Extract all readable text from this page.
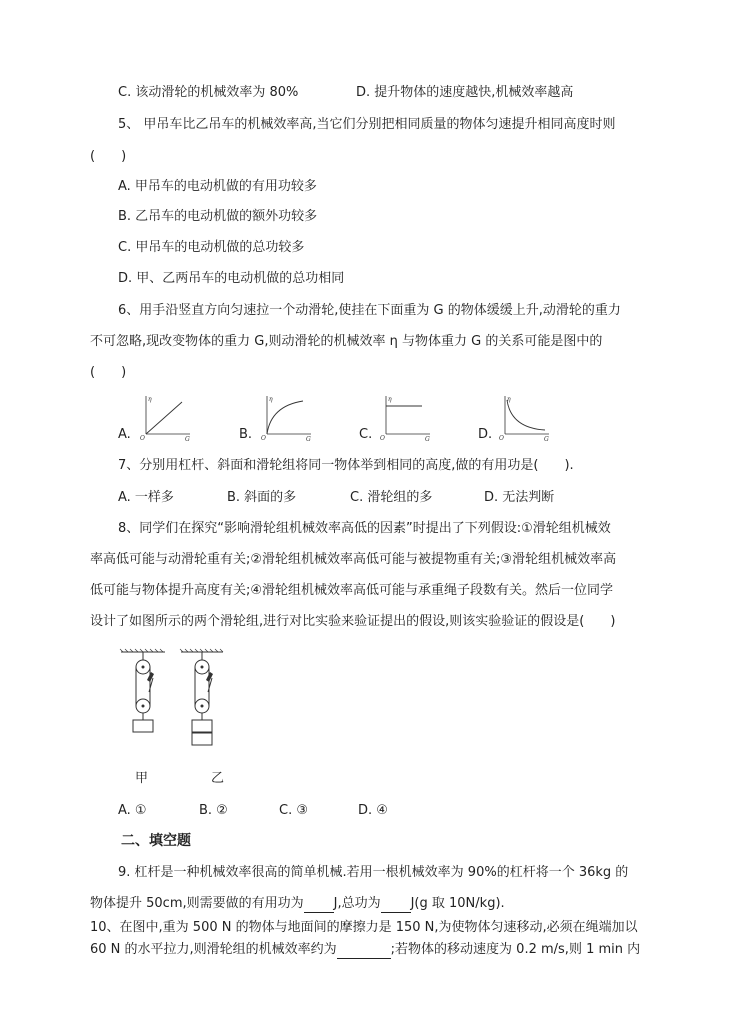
C. 该动滑轮的机械效率为 80%	D. 提升物体的速度越快,机械效率越高
5、 甲吊车比乙吊车的机械效率高,当它们分别把相同质量的物体匀速提升相同高度时则
(　　)
A. 甲吊车的电动机做的有用功较多
B. 乙吊车的电动机做的额外功较多
C. 甲吊车的电动机做的总功较多
D. 甲、乙两吊车的电动机做的总功相同
6、用手沿竖直方向匀速拉一个动滑轮,使挂在下面重为 G 的物体缓缓上升,动滑轮的重力
不可忽略,现改变物体的重力 G,则动滑轮的机械效率 η 与物体重力 G 的关系可能是图中的
(　　)
A.
η
O	G	B.
η
O	G	C.
η
O	G	D.
η
O	G
7、分别用杠杆、斜面和滑轮组将同一物体举到相同的高度,做的有用功是(　　).
A. 一样多	B. 斜面的多	C. 滑轮组的多	D. 无法判断
8、同学们在探究“影响滑轮组机械效率高低的因素”时提出了下列假设:①滑轮组机械效
率高低可能与动滑轮重有关;②滑轮组机械效率高低可能与被提物重有关;③滑轮组机械效率高
低可能与物体提升高度有关;④滑轮组机械效率高低可能与承重绳子段数有关。然后一位同学
设计了如图所示的两个滑轮组,进行对比实验来验证提出的假设,则该实验验证的假设是(　　)
甲	乙
A. ①	B. ②	C. ③	D. ④
二、填空题
9. 杠杆是一种机械效率很高的简单机械.若用一根机械效率为 90%的杠杆将一个 36kg 的
物体提升 50cm,则需要做的有用功为 J,总功为 J(g 取 10N/kg).
10、在图中,重为 500 N 的物体与地面间的摩擦力是 150 N,为使物体匀速移动,必须在绳端加以
60 N 的水平拉力,则滑轮组的机械效率约为	;若物体的移动速度为 0.2 m/s,则 1 min 内
